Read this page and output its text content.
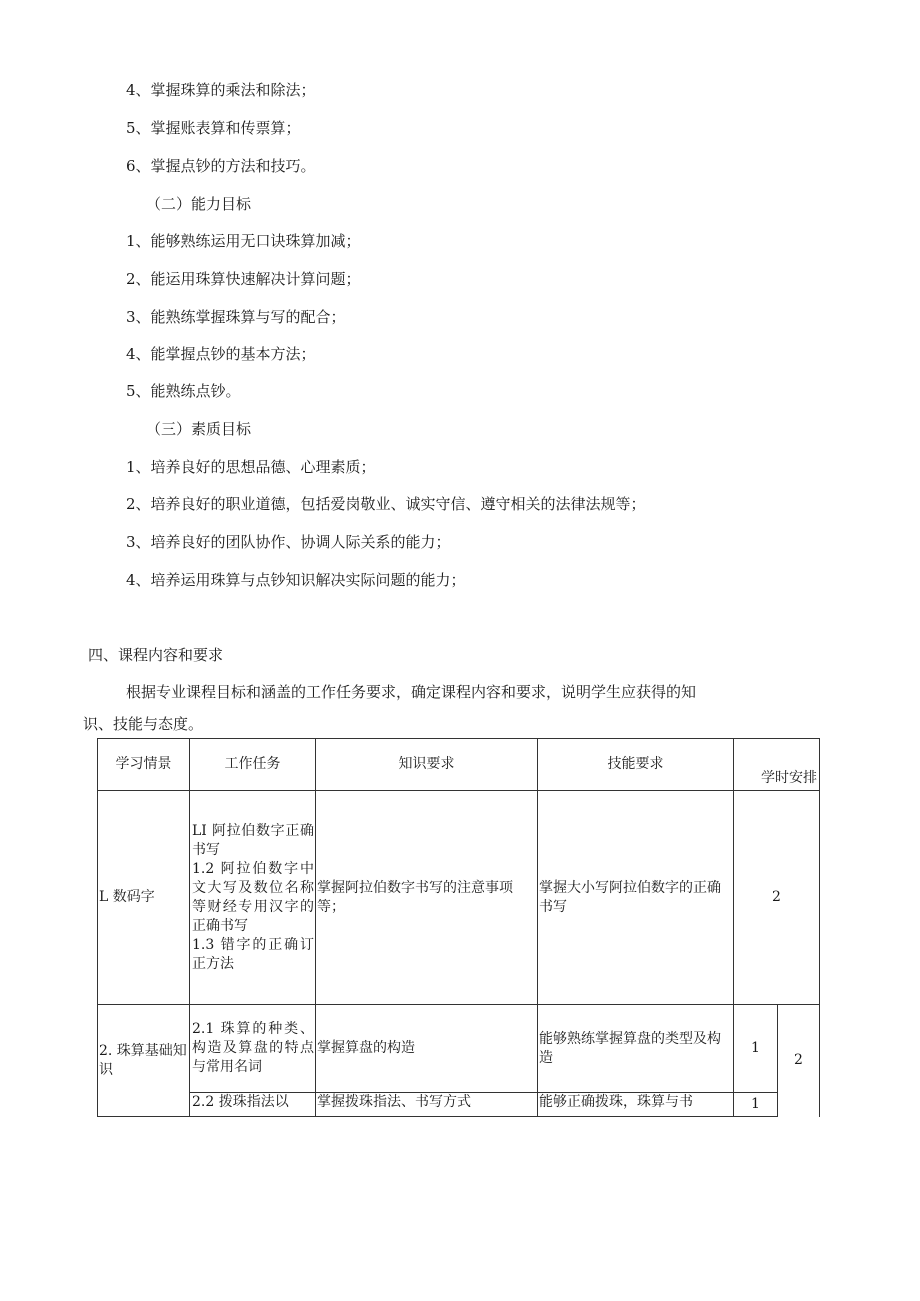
4、掌握珠算的乘法和除法；
5、掌握账表算和传票算；
6、掌握点钞的方法和技巧。
（二）能力目标
1、能够熟练运用无口诀珠算加减；
2、能运用珠算快速解决计算问题；
3、能熟练掌握珠算与写的配合；
4、能掌握点钞的基本方法；
5、能熟练点钞。
（三）素质目标
1、培养良好的思想品德、心理素质；
2、培养良好的职业道德，包括爱岗敬业、诚实守信、遵守相关的法律法规等；
3、培养良好的团队协作、协调人际关系的能力；
4、培养运用珠算与点钞知识解决实际问题的能力；
四、课程内容和要求
根据专业课程目标和涵盖的工作任务要求，确定课程内容和要求，说明学生应获得的知
识、技能与态度。
学习情景	工作任务	知识要求	技能要求	学时安排	
L 数码字	LI 阿拉伯数字正确书写
1.2 阿拉伯数字中文大写及数位名称等财经专用汉字的正确书写
1.3 错字的正确订正方法	掌握阿拉伯数字书写的注意事项等；	掌握大小写阿拉伯数字的正确书写	2	
2. 珠算基础知识	2.1 珠算的种类、构造及算盘的特点与常用名词	掌握算盘的构造	能够熟练掌握算盘的类型及构造	1	2
	2.2 拨珠指法以	掌握拨珠指法、书写方式	能够正确拨珠，珠算与书	1	
